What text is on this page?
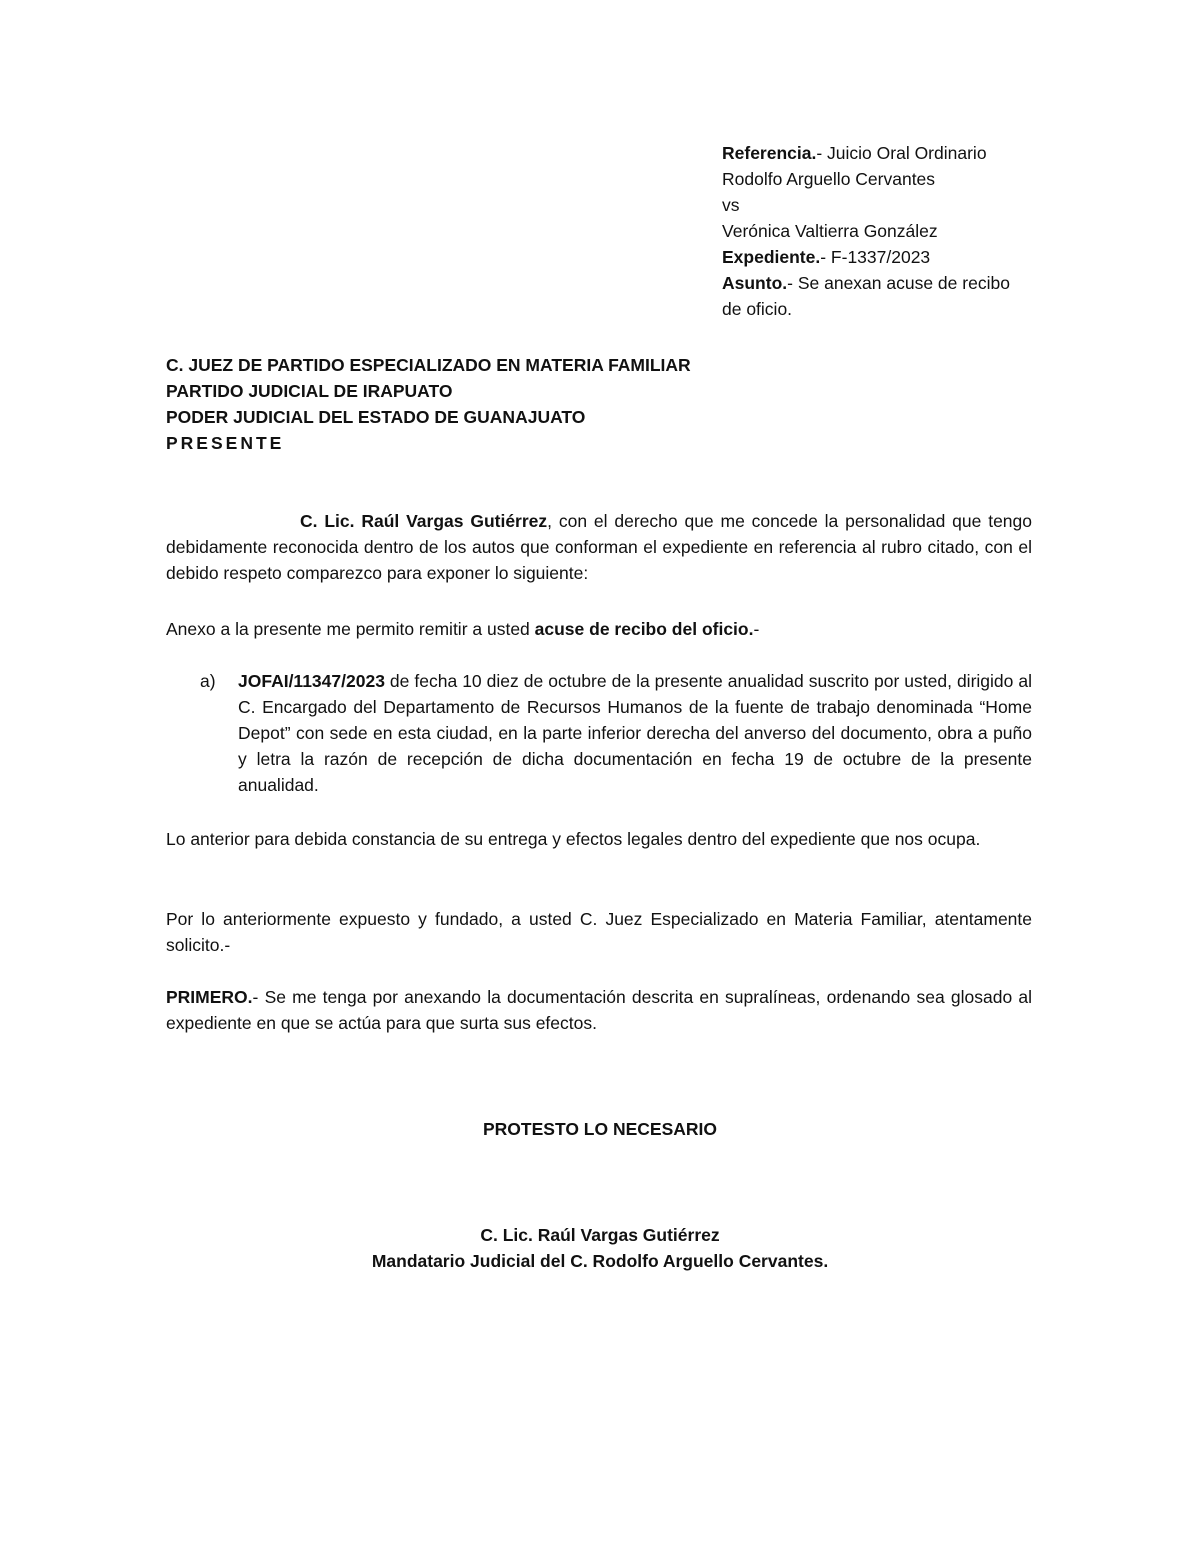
Referencia.- Juicio Oral Ordinario
Rodolfo Arguello Cervantes
vs
Verónica Valtierra González
Expediente.- F-1337/2023
Asunto.- Se anexan acuse de recibo
de oficio.
C. JUEZ DE PARTIDO ESPECIALIZADO EN MATERIA FAMILIAR
PARTIDO JUDICIAL DE IRAPUATO
PODER JUDICIAL DEL ESTADO DE GUANAJUATO
PRESENTE
C. Lic. Raúl Vargas Gutiérrez, con el derecho que me concede la personalidad que tengo debidamente reconocida dentro de los autos que conforman el expediente en referencia al rubro citado, con el debido respeto comparezco para exponer lo siguiente:
Anexo a la presente me permito remitir a usted acuse de recibo del oficio.-
a) JOFAI/11347/2023 de fecha 10 diez de octubre de la presente anualidad suscrito por usted, dirigido al C. Encargado del Departamento de Recursos Humanos de la fuente de trabajo denominada “Home Depot” con sede en esta ciudad, en la parte inferior derecha del anverso del documento, obra a puño y letra la razón de recepción de dicha documentación en fecha 19 de octubre de la presente anualidad.
Lo anterior para debida constancia de su entrega y efectos legales dentro del expediente que nos ocupa.
Por lo anteriormente expuesto y fundado, a usted C. Juez Especializado en Materia Familiar, atentamente solicito.-
PRIMERO.- Se me tenga por anexando la documentación descrita en supralíneas, ordenando sea glosado al expediente en que se actúa para que surta sus efectos.
PROTESTO LO NECESARIO
C. Lic. Raúl Vargas Gutiérrez
Mandatario Judicial del C. Rodolfo Arguello Cervantes.
